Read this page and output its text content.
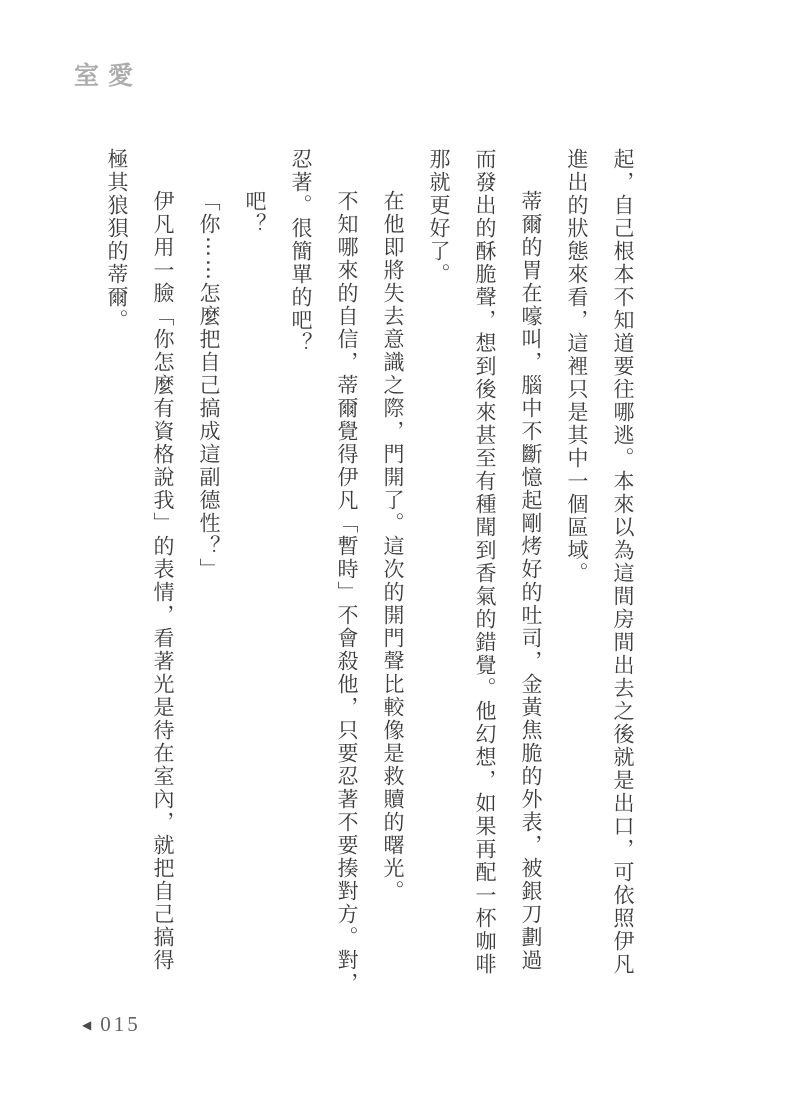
室愛
起，自己根本不知道要往哪逃。本來以為這間房間出去之後就是出口，可依照伊凡
進出的狀態來看，這裡只是其中一個區域。
蒂爾的胃在嚎叫，腦中不斷憶起剛烤好的吐司，金黃焦脆的外表，被銀刀劃過
而發出的酥脆聲，想到後來甚至有種聞到香氣的錯覺。他幻想，如果再配一杯咖啡
那就更好了。
在他即將失去意識之際，門開了。這次的開門聲比較像是救贖的曙光。
不知哪來的自信，蒂爾覺得伊凡「暫時」不會殺他，只要忍著不要揍對方。對，
忍著。很簡單的吧？
吧？
「你⋯⋯怎麼把自己搞成這副德性？」
伊凡用一臉「你怎麼有資格說我」的表情，看著光是待在室內，就把自己搞得
極其狼狽的蒂爾。
◀ 015
